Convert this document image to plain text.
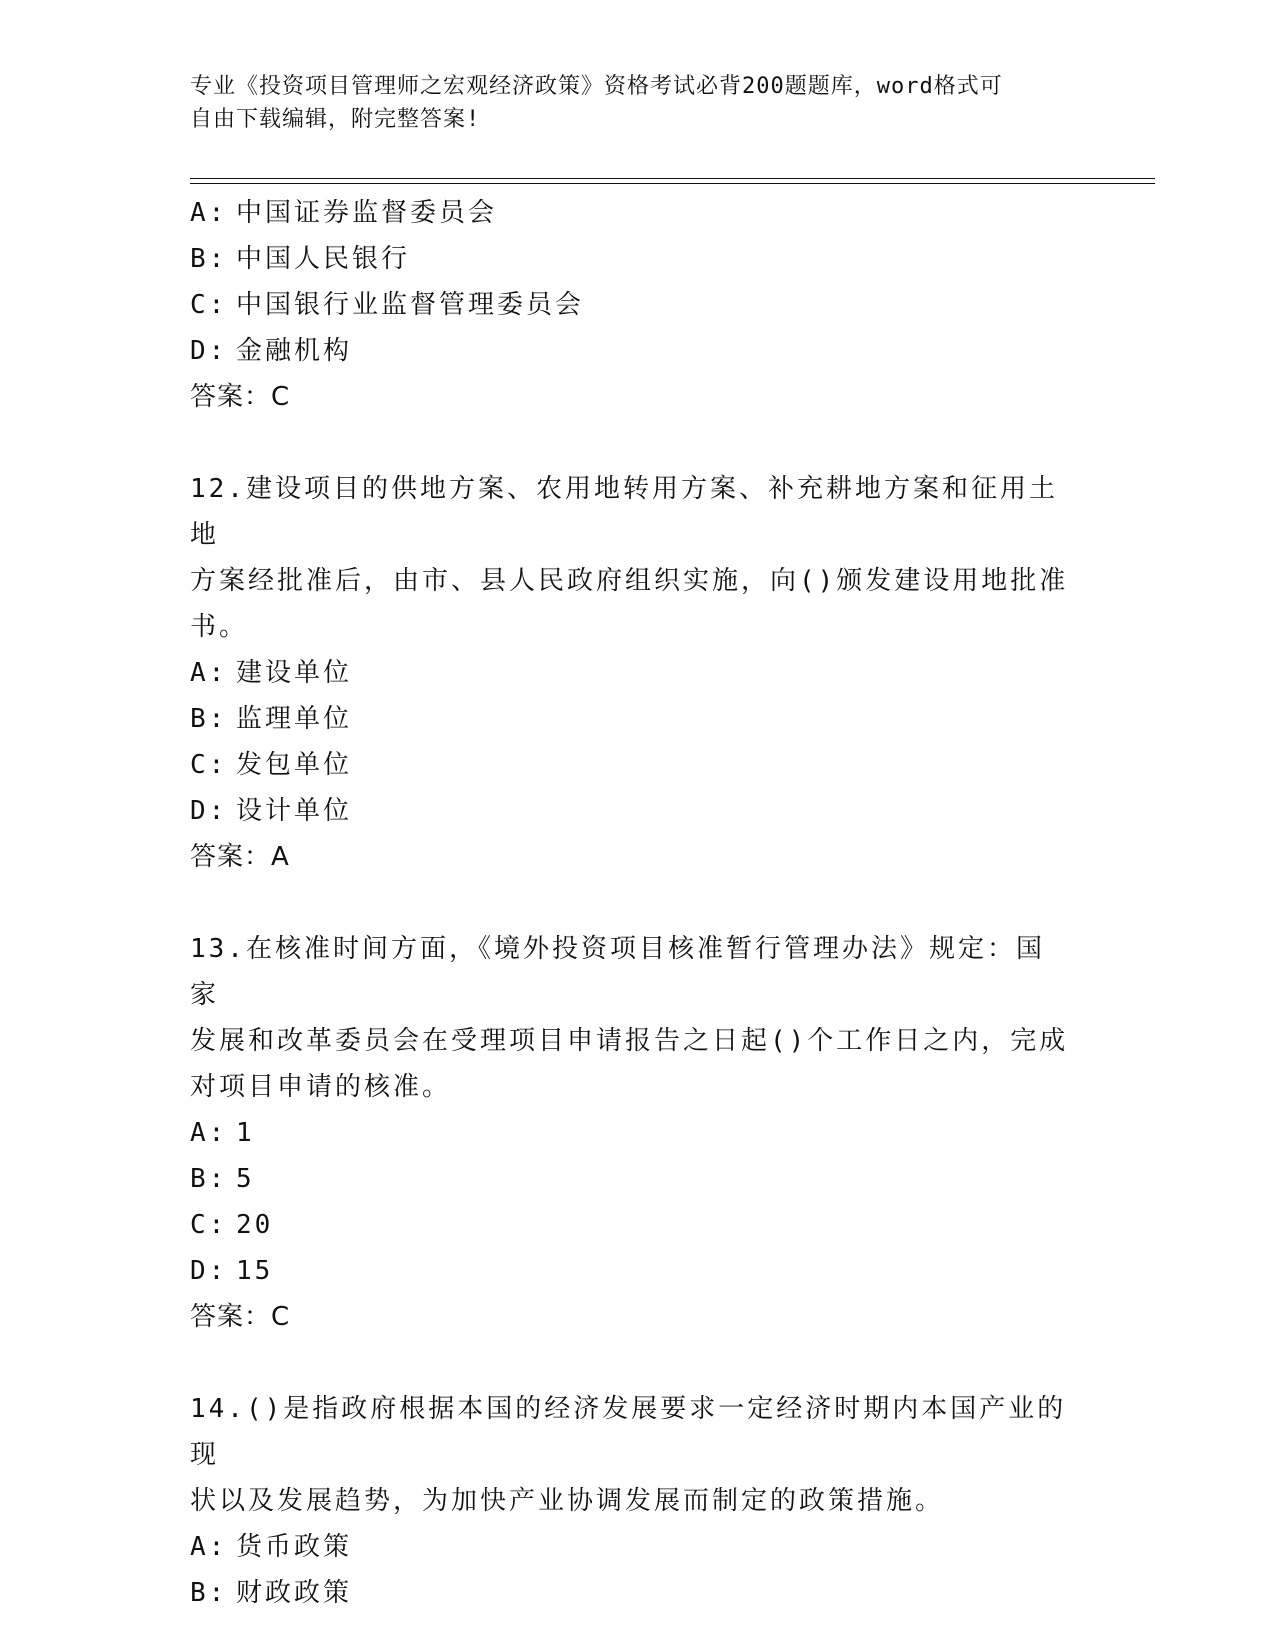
专业《投资项目管理师之宏观经济政策》资格考试必背200题题库，word格式可
自由下载编辑，附完整答案!
A: 中国证券监督委员会
B: 中国人民银行
C: 中国银行业监督管理委员会
D: 金融机构
答案：C
12.建设项目的供地方案、农用地转用方案、补充耕地方案和征用土地
方案经批准后，由市、县人民政府组织实施，向()颁发建设用地批准
书。
A: 建设单位
B: 监理单位
C: 发包单位
D: 设计单位
答案：A
13.在核准时间方面，《境外投资项目核准暂行管理办法》规定：国家
发展和改革委员会在受理项目申请报告之日起()个工作日之内，完成
对项目申请的核准。
A: 1
B: 5
C: 20
D: 15
答案：C
14.()是指政府根据本国的经济发展要求一定经济时期内本国产业的现
状以及发展趋势，为加快产业协调发展而制定的政策措施。
A: 货币政策
B: 财政政策
